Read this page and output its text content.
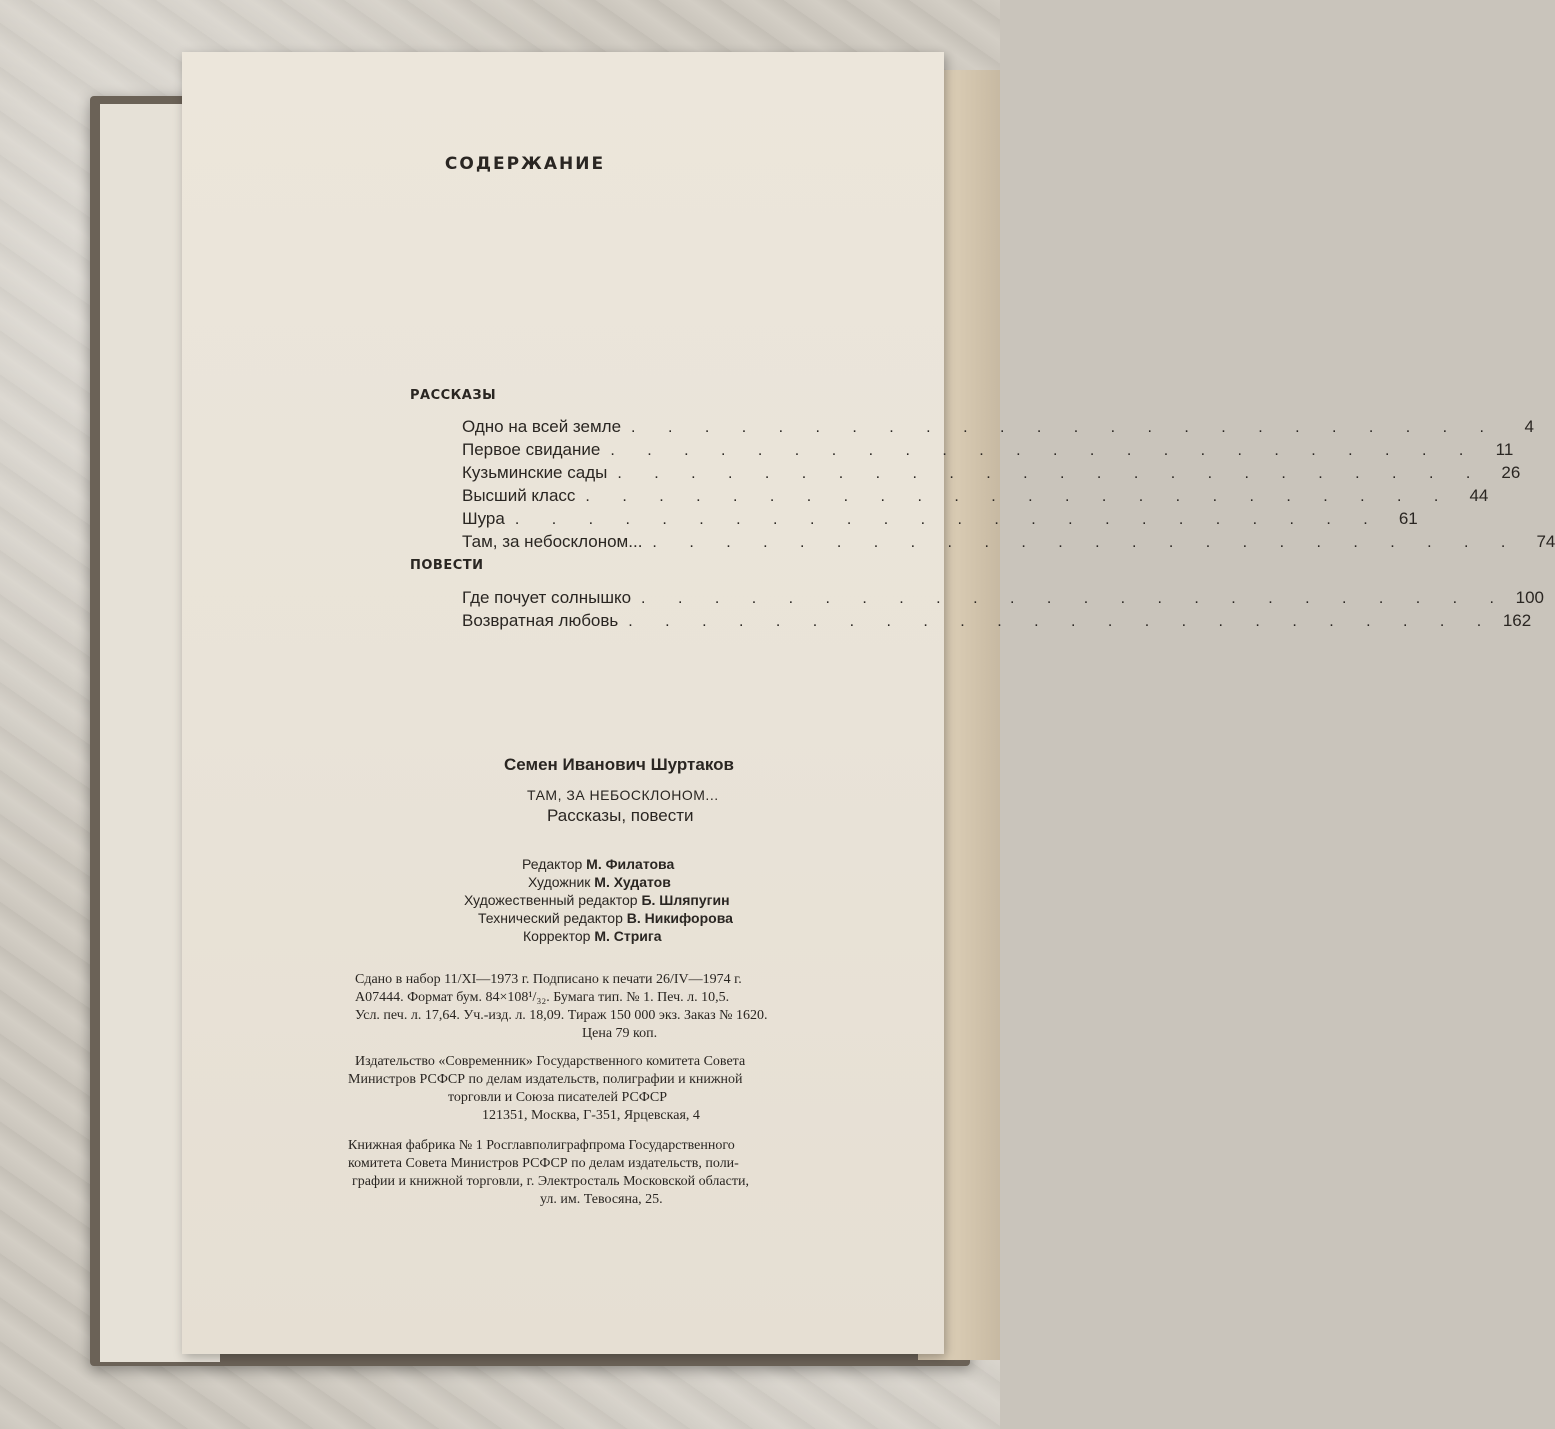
СОДЕРЖАНИЕ
РАССКАЗЫ
Одно на всей земле . . . . . . . . . . . . . . . . . . . . . . . .	4
Первое свидание . . . . . . . . . . . . . . . . . . . . . . . .	11
Кузьминские сады . . . . . . . . . . . . . . . . . . . . . . . .	26
Высший класс . . . . . . . . . . . . . . . . . . . . . . . .	44
Шура . . . . . . . . . . . . . . . . . . . . . . . .	61
Там, за небосклоном... . . . . . . . . . . . . . . . . . . . . . . . .	74
ПОВЕСТИ
Где почует солнышко . . . . . . . . . . . . . . . . . . . . . . . . 100
Возвратная любовь . . . . . . . . . . . . . . . . . . . . . . . . 162
Семен Иванович Шуртаков
ТАМ, ЗА НЕБОСКЛОНОМ...
Рассказы, повести
Редактор М. Филатова
Художник М. Худатов
Художественный редактор Б. Шляпугин
Технический редактор В. Никифорова
Корректор М. Стрига
Сдано в набор 11/XI—1973 г. Подписано к печати 26/IV—1974 г.
А07444. Формат бум. 84×108¹/₃₂. Бумага тип. № 1. Печ. л. 10,5.
Усл. печ. л. 17,64. Уч.-изд. л. 18,09. Тираж 150 000 экз. Заказ № 1620.
Цена 79 коп.
Издательство «Современник» Государственного комитета Совета
Министров РСФСР по делам издательств, полиграфии и книжной
торговли и Союза писателей РСФСР
121351, Москва, Г-351, Ярцевская, 4
Книжная фабрика № 1 Росглавполиграфпрома Государственного
комитета Совета Министров РСФСР по делам издательств, поли-
графии и книжной торговли, г. Электросталь Московской области,
ул. им. Тевосяна, 25.
